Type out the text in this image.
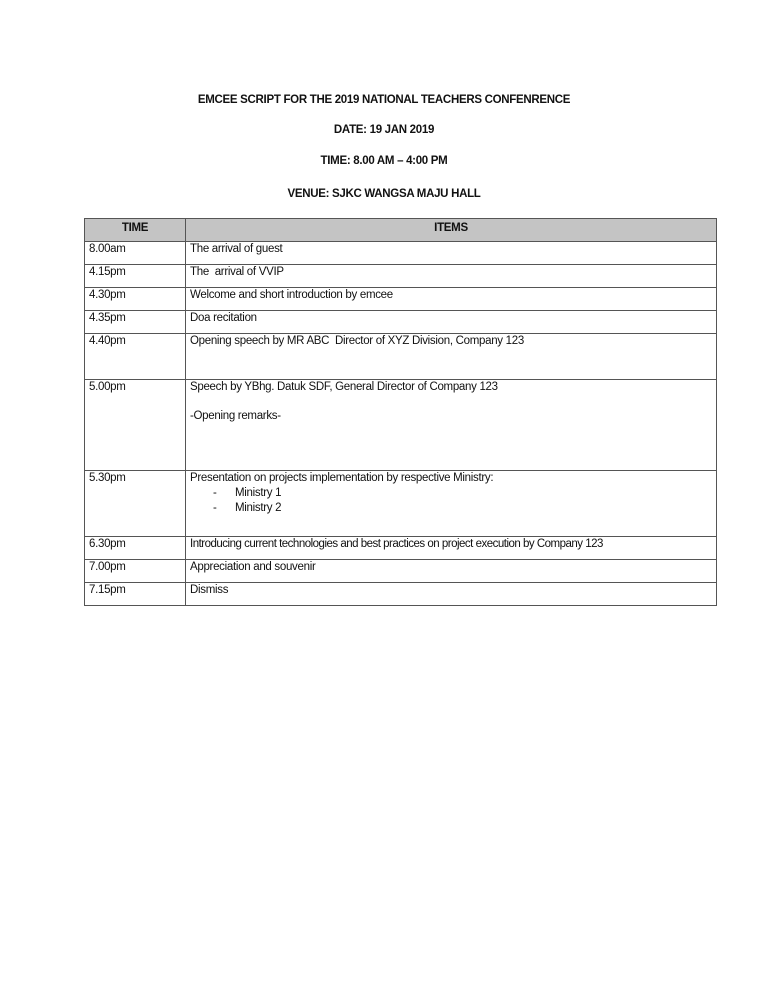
EMCEE SCRIPT FOR THE 2019 NATIONAL TEACHERS CONFENRENCE
DATE: 19 JAN 2019
TIME: 8.00 AM – 4:00 PM
VENUE: SJKC WANGSA MAJU HALL
TIME	ITEMS
8.00am	The arrival of guest
4.15pm	The  arrival of VVIP
4.30pm	Welcome and short introduction by emcee
4.35pm	Doa recitation
4.40pm	Opening speech by MR ABC  Director of XYZ Division, Company 123
5.00pm	Speech by YBhg. Datuk SDF, General Director of Company 123
-Opening remarks-

5.30pm	Presentation on projects implementation by respective Ministry:
- Ministry 1
- Ministry 2

6.30pm	Introducing current technologies and best practices on project execution by Company 123
7.00pm	Appreciation and souvenir
7.15pm	Dismiss
